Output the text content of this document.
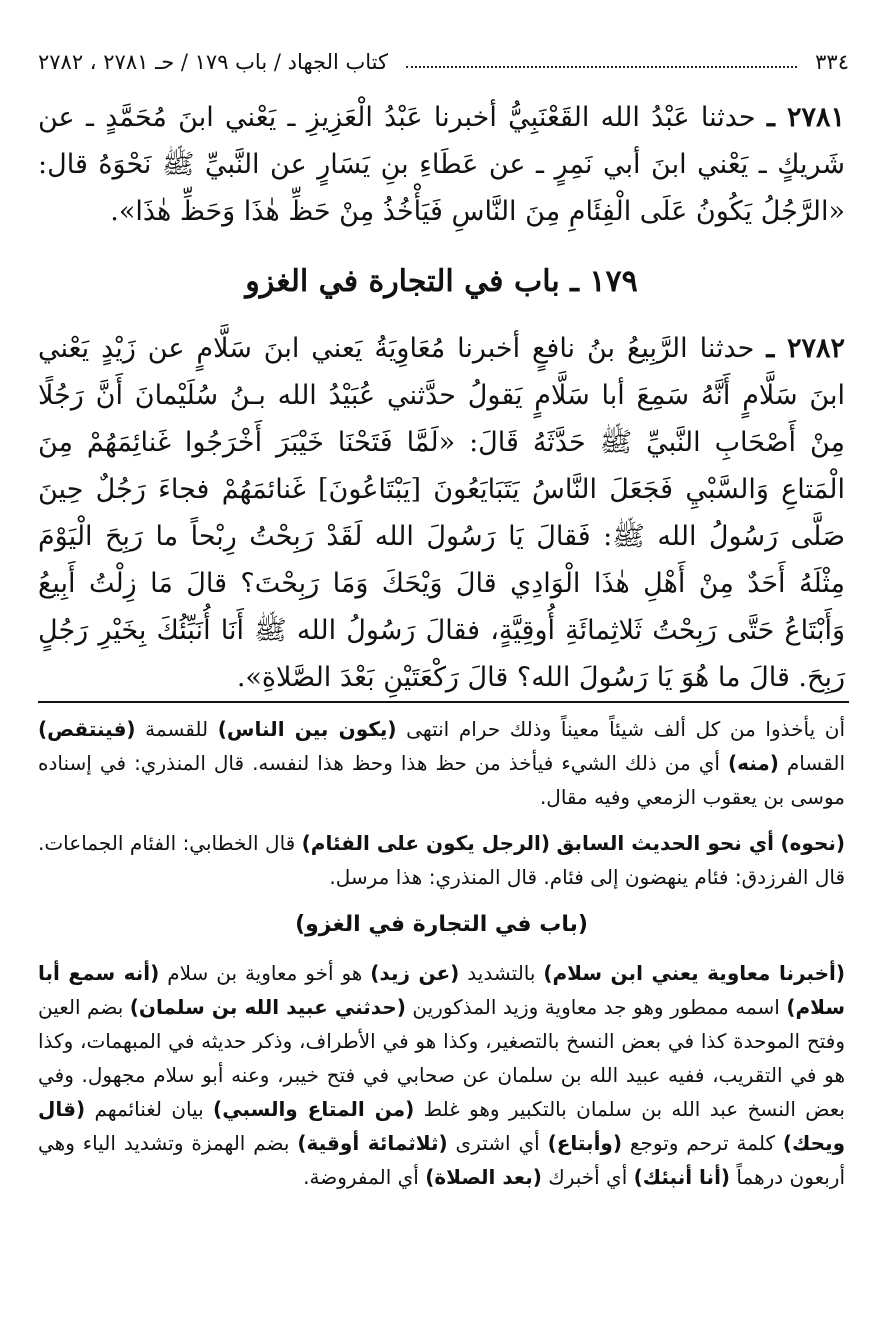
٣٣٤
كتاب الجهاد / باب ١٧٩ / حـ ٢٧٨١ ، ٢٧٨٢

٢٧٨١ ـ حدثنا عَبْدُ الله القَعْنَبِيُّ أخبرنا عَبْدُ الْعَزِيزِ ـ يَعْني ابنَ مُحَمَّدٍ ـ عن شَريكٍ ـ يَعْني ابنَ أبي نَمِرٍ ـ عن عَطَاءِ بنِ يَسَارٍ عن النَّبيِّ ﷺ نَحْوَهُ قال: «الرَّجُلُ يَكُونُ عَلَى الْفِئَامِ مِنَ النَّاسِ فَيَأْخُذُ مِنْ حَظِّ هٰذَا وَحَظِّ هٰذَا».

١٧٩ ـ باب في التجارة في الغزو

٢٧٨٢ ـ حدثنا الرَّبِيعُ بنُ نافعٍ أخبرنا مُعَاوِيَةُ يَعني ابنَ سَلَّامٍ عن زَيْدٍ يَعْني ابنَ سَلَّامٍ أَنَّهُ سَمِعَ أبا سَلَّامٍ يَقولُ حدَّثني عُبَيْدُ الله بـنُ سُلَيْمانَ أَنَّ رَجُلًا مِنْ أَصْحَابِ النَّبيِّ ﷺ حَدَّثَهُ قَالَ: «لَمَّا فَتَحْنَا خَيْبَرَ أَخْرَجُوا غَنائِمَهُمْ مِنَ الْمَتاعِ وَالسَّبْيِ فَجَعَلَ النَّاسُ يَتَبَايَعُونَ [يَبْتَاعُونَ] غَنائمَهُمْ فجاءَ رَجُلٌ حِينَ صَلَّى رَسُولُ الله ﷺ: فَقالَ يَا رَسُولَ الله لَقَدْ رَبِحْتُ رِبْحاً ما رَبِحَ الْيَوْمَ مِثْلَهُ أَحَدٌ مِنْ أَهْلِ هٰذَا الْوَادِي قالَ وَيْحَكَ وَمَا رَبِحْتَ؟ قالَ مَا زِلْتُ أَبِيعُ وَأَبْتَاعُ حَتَّى رَبِحْتُ ثَلاثِمائَةِ أُوقِيَّةٍ، فقالَ رَسُولُ الله ﷺ أَنَا أُنَبِّئُكَ بِخَيْرِ رَجُلٍ رَبِحَ. قالَ ما هُوَ يَا رَسُولَ الله؟ قالَ رَكْعَتَيْنِ بَعْدَ الصَّلاةِ».

أن يأخذوا من كل ألف شيئاً معيناً وذلك حرام انتهى (يكون بين الناس) للقسمة (فينتقص) القسام (منه) أي من ذلك الشيء فيأخذ من حظ هذا وحظ هذا لنفسه. قال المنذري: في إسناده موسى بن يعقوب الزمعي وفيه مقال.

(نحوه) أي نحو الحديث السابق (الرجل يكون على الفئام) قال الخطابي: الفئام الجماعات. قال الفرزدق: فئام ينهضون إلى فئام. قال المنذري: هذا مرسل.

(باب في التجارة في الغزو)

(أخبرنا معاوية يعني ابن سلام) بالتشديد (عن زيد) هو أخو معاوية بن سلام (أنه سمع أبا سلام) اسمه ممطور وهو جد معاوية وزيد المذكورين (حدثني عبيد الله بن سلمان) بضم العين وفتح الموحدة كذا في بعض النسخ بالتصغير، وكذا هو في الأطراف، وذكر حديثه في المبهمات، وكذا هو في التقريب، ففيه عبيد الله بن سلمان عن صحابي في فتح خيبر، وعنه أبو سلام مجهول. وفي بعض النسخ عبد الله بن سلمان بالتكبير وهو غلط (من المتاع والسبي) بيان لغنائمهم (قال ويحك) كلمة ترحم وتوجع (وأبتاع) أي اشترى (ثلاثمائة أوقية) بضم الهمزة وتشديد الياء وهي أربعون درهماً (أنا أنبئك) أي أخبرك (بعد الصلاة) أي المفروضة.
